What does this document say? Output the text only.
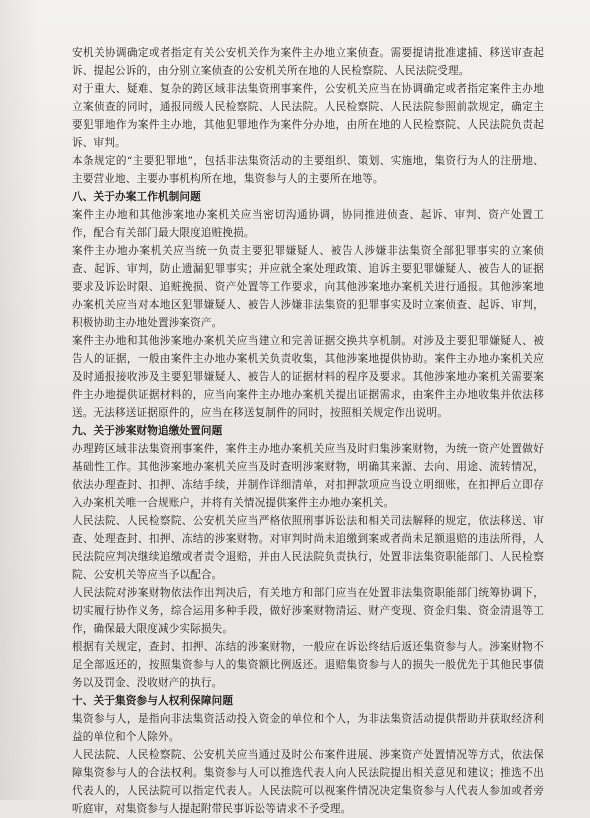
安机关协调确定或者指定有关公安机关作为案件主办地立案侦查。需要提请批准逮捕、移送审查起诉、提起公诉的，由分别立案侦查的公安机关所在地的人民检察院、人民法院受理。

对于重大、疑难、复杂的跨区域非法集资刑事案件，公安机关应当在协调确定或者指定案件主办地立案侦查的同时，通报同级人民检察院、人民法院。人民检察院、人民法院参照前款规定，确定主要犯罪地作为案件主办地，其他犯罪地作为案件分办地，由所在地的人民检察院、人民法院负责起诉、审判。

本条规定的“主要犯罪地”，包括非法集资活动的主要组织、策划、实施地，集资行为人的注册地、主要营业地、主要办事机构所在地，集资参与人的主要所在地等。

八、关于办案工作机制问题

案件主办地和其他涉案地办案机关应当密切沟通协调，协同推进侦查、起诉、审判、资产处置工作，配合有关部门最大限度追赃挽损。

案件主办地办案机关应当统一负责主要犯罪嫌疑人、被告人涉嫌非法集资全部犯罪事实的立案侦查、起诉、审判，防止遗漏犯罪事实；并应就全案处理政策、追诉主要犯罪嫌疑人、被告人的证据要求及诉讼时限、追赃挽损、资产处置等工作要求，向其他涉案地办案机关进行通报。其他涉案地办案机关应当对本地区犯罪嫌疑人、被告人涉嫌非法集资的犯罪事实及时立案侦查、起诉、审判，积极协助主办地处置涉案资产。

案件主办地和其他涉案地办案机关应当建立和完善证据交换共享机制。对涉及主要犯罪嫌疑人、被告人的证据，一般由案件主办地办案机关负责收集，其他涉案地提供协助。案件主办地办案机关应及时通报接收涉及主要犯罪嫌疑人、被告人的证据材料的程序及要求。其他涉案地办案机关需要案件主办地提供证据材料的，应当向案件主办地办案机关提出证据需求，由案件主办地收集并依法移送。无法移送证据原件的，应当在移送复制件的同时，按照相关规定作出说明。

九、关于涉案财物追缴处置问题

办理跨区域非法集资刑事案件，案件主办地办案机关应当及时归集涉案财物，为统一资产处置做好基础性工作。其他涉案地办案机关应当及时查明涉案财物，明确其来源、去向、用途、流转情况，依法办理查封、扣押、冻结手续，并制作详细清单，对扣押款项应当设立明细账，在扣押后立即存入办案机关唯一合规账户，并将有关情况提供案件主办地办案机关。

人民法院、人民检察院、公安机关应当严格依照刑事诉讼法和相关司法解释的规定，依法移送、审查、处理查封、扣押、冻结的涉案财物。对审判时尚未追缴到案或者尚未足额退赔的违法所得，人民法院应判决继续追缴或者责令退赔，并由人民法院负责执行，处置非法集资职能部门、人民检察院、公安机关等应当予以配合。

人民法院对涉案财物依法作出判决后，有关地方和部门应当在处置非法集资职能部门统筹协调下，切实履行协作义务，综合运用多种手段，做好涉案财物清运、财产变现、资金归集、资金清退等工作，确保最大限度减少实际损失。

根据有关规定，查封、扣押、冻结的涉案财物，一般应在诉讼终结后返还集资参与人。涉案财物不足全部返还的，按照集资参与人的集资额比例返还。退赔集资参与人的损失一般优先于其他民事债务以及罚金、没收财产的执行。

十、关于集资参与人权利保障问题

集资参与人，是指向非法集资活动投入资金的单位和个人，为非法集资活动提供帮助并获取经济利益的单位和个人除外。

人民法院、人民检察院、公安机关应当通过及时公布案件进展、涉案资产处置情况等方式，依法保障集资参与人的合法权利。集资参与人可以推选代表人向人民法院提出相关意见和建议；推选不出代表人的，人民法院可以指定代表人。人民法院可以视案件情况决定集资参与人代表人参加或者旁听庭审，对集资参与人提起附带民事诉讼等请求不予受理。
